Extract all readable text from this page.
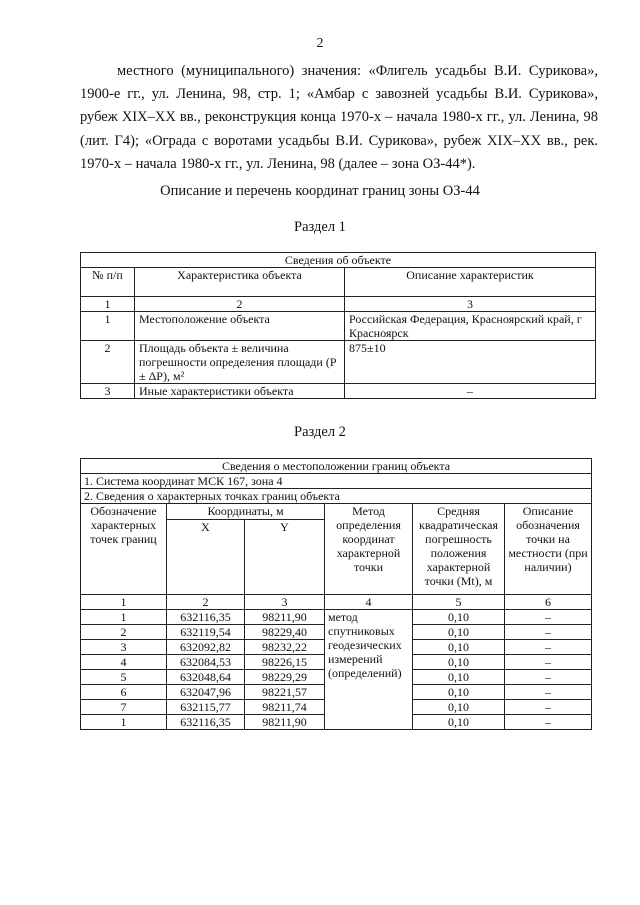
2

местного (муниципального) значения: «Флигель усадьбы В.И. Сурикова», 1900-е гг., ул. Ленина, 98, стр. 1; «Амбар с завозней усадьбы В.И. Сурикова», рубеж XIX–XX вв., реконструкция конца 1970-х – начала 1980-х гг., ул. Ленина, 98 (лит. Г4); «Ограда с воротами усадьбы В.И. Сурикова», рубеж XIX–XX вв., рек. 1970-х – начала 1980-х гг., ул. Ленина, 98 (далее – зона ОЗ-44*).

Описание и перечень координат границ зоны ОЗ-44

Раздел 1

Сведения об объекте		
№ п/п	Характеристика объекта	Описание характеристик
1	2	3
1	Местоположение объекта	Российская Федерация, Красноярский край, г Красноярск
2	Площадь объекта ± величина погрешности определения площади (P ± ΔP), м²	875±10
3	Иные характеристики объекта	–

Раздел 2

Сведения о местоположении границ объекта					
1. Система координат МСК 167, зона 4					
2. Сведения о характерных точках границ объекта					
Обозначение характерных точек границ	Координаты, м		Метод определения координат характерной точки	Средняя квадратическая погрешность положения характерной точки (Mt), м	Описание обозначения точки на местности (при наличии)
	X	Y			
1	2	3	4	5	6
1	632116,35	98211,90	метод спутниковых геодезических измерений (определений)	0,10	–
2	632119,54	98229,40		0,10	–
3	632092,82	98232,22		0,10	–
4	632084,53	98226,15		0,10	–
5	632048,64	98229,29		0,10	–
6	632047,96	98221,57		0,10	–
7	632115,77	98211,74		0,10	–
1	632116,35	98211,90		0,10	–
